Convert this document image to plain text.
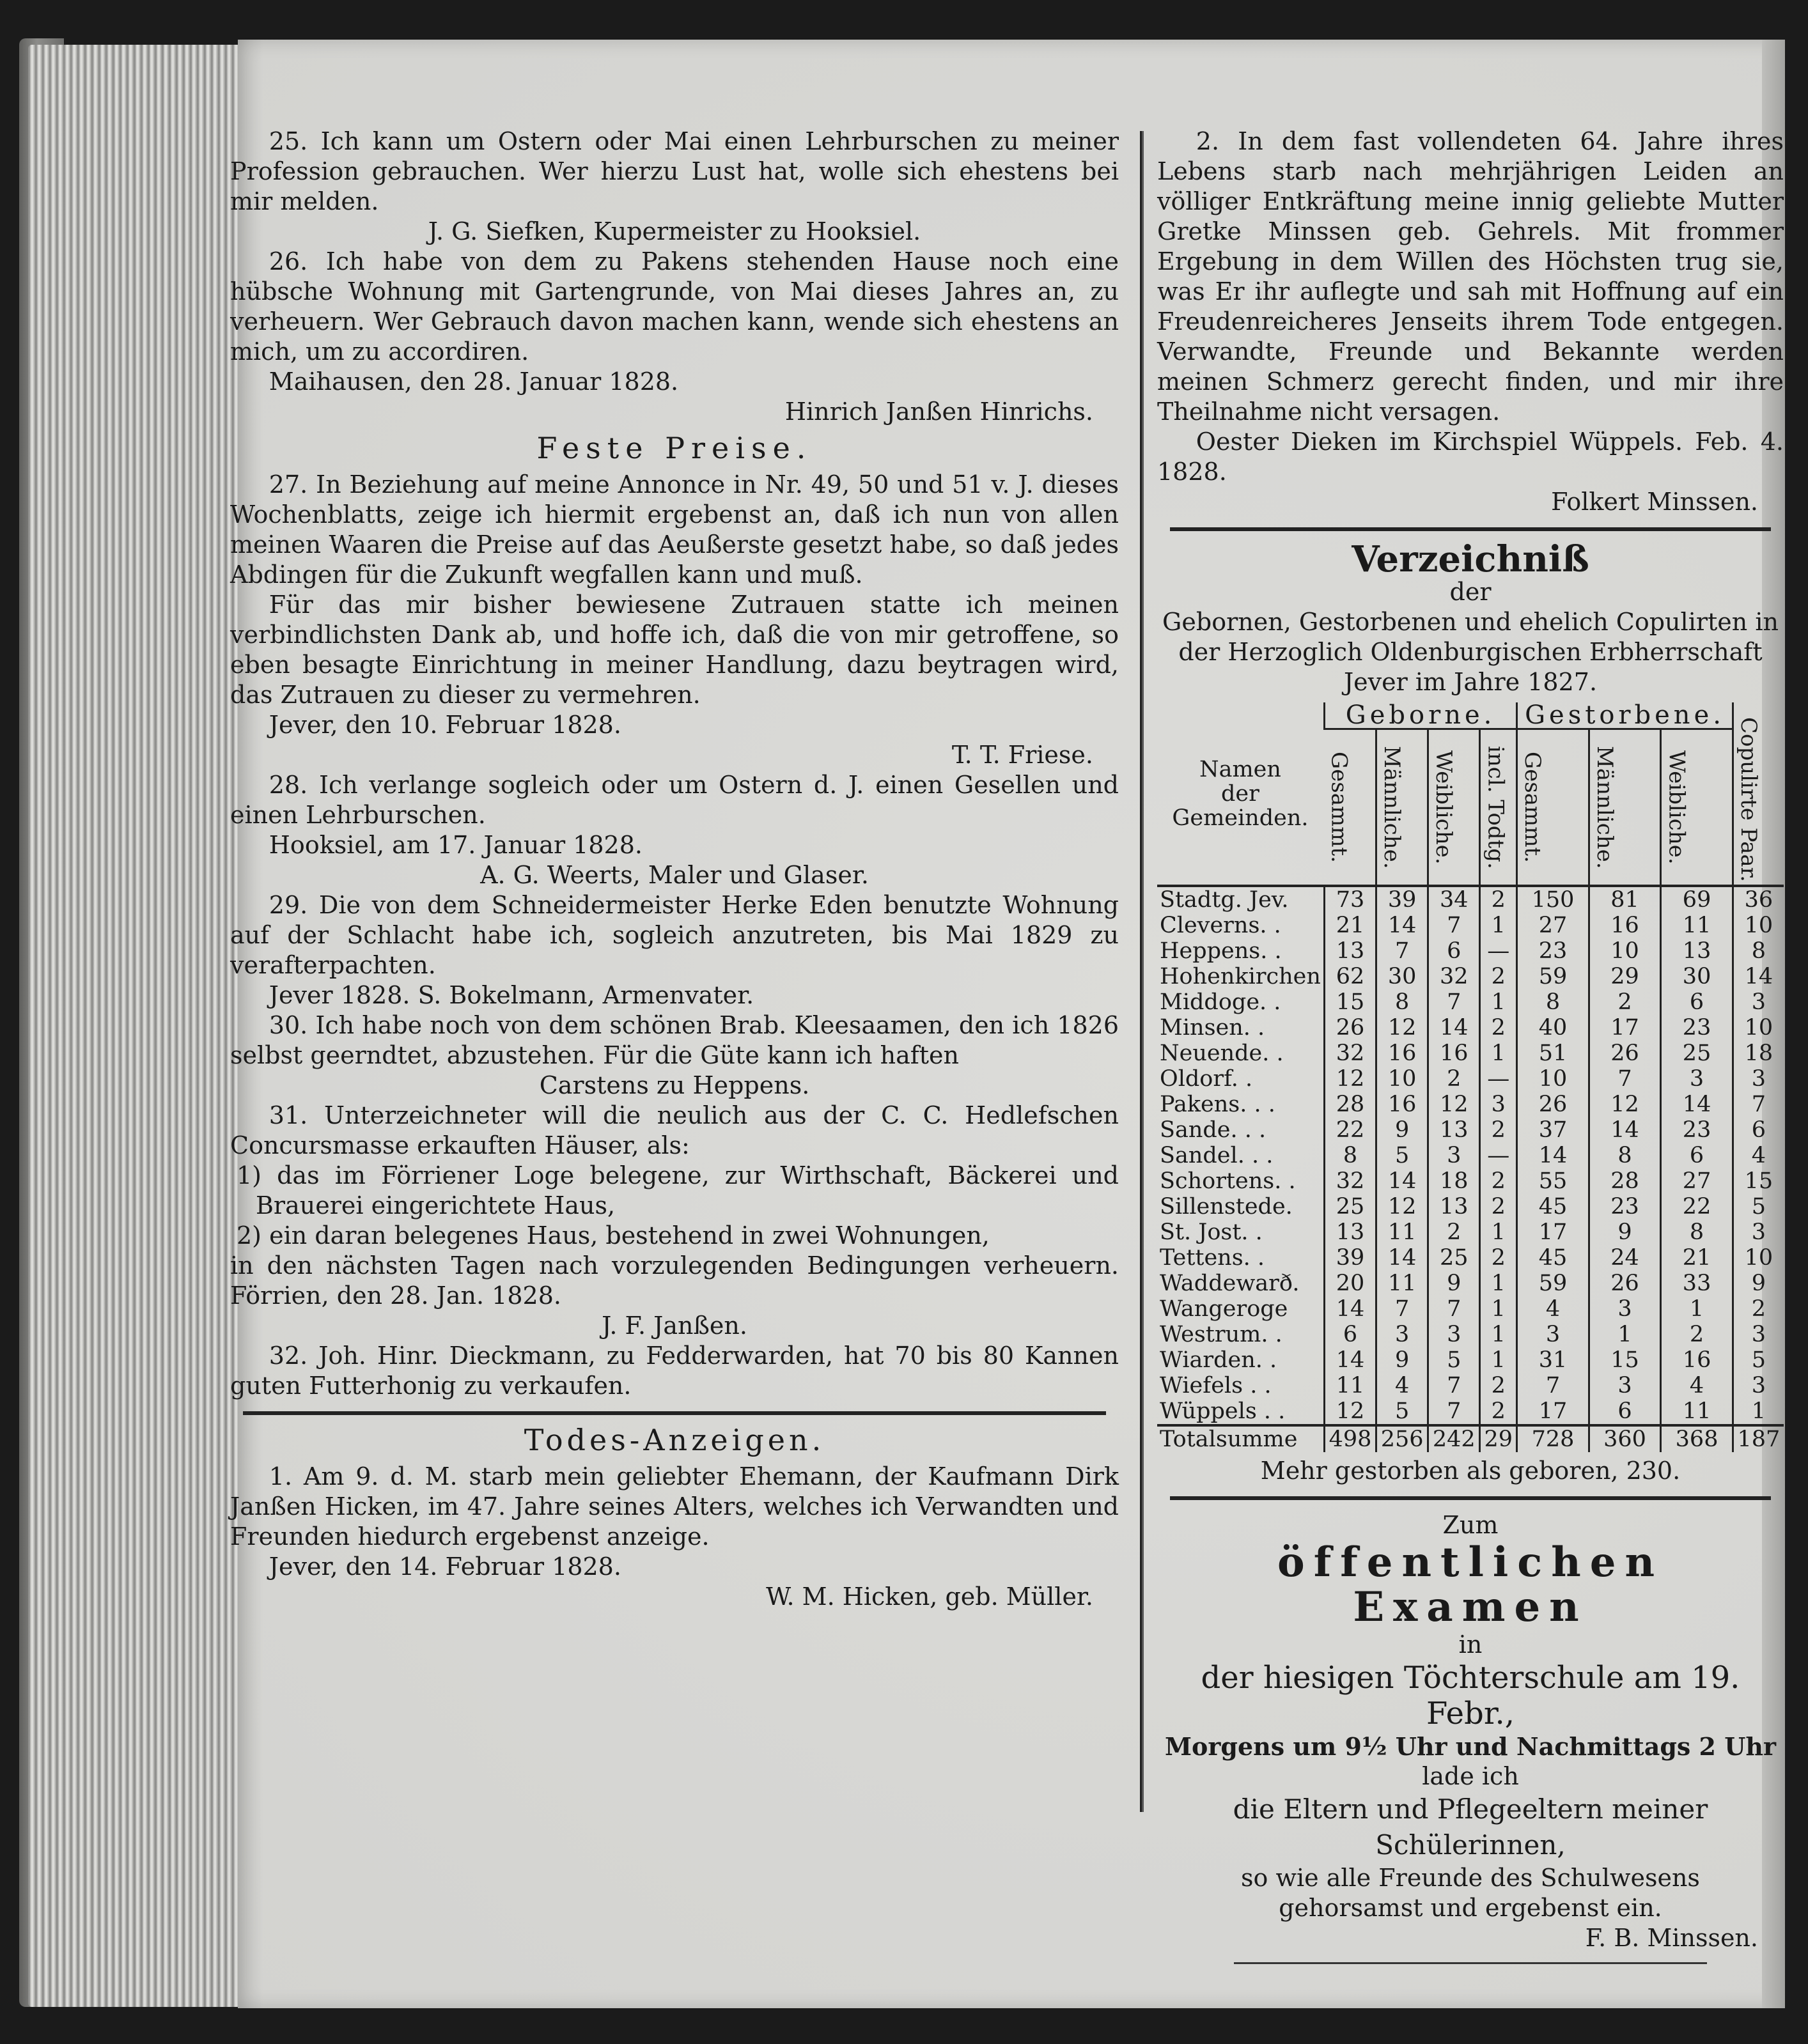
25. Ich kann um Ostern oder Mai einen Lehrburschen zu meiner Profession gebrauchen. Wer hierzu Lust hat, wolle sich ehestens bei mir melden.

J. G. Siefken, Kupermeister zu Hooksiel.

26. Ich habe von dem zu Pakens stehenden Hause noch eine hübsche Wohnung mit Gartengrunde, von Mai dieses Jahres an, zu verheuern. Wer Gebrauch davon machen kann, wende sich ehestens an mich, um zu accordiren.

Maihausen, den 28. Januar 1828.

Hinrich Janßen Hinrichs.

Feste Preise.

27. In Beziehung auf meine Annonce in Nr. 49, 50 und 51 v. J. dieses Wochenblatts, zeige ich hiermit ergebenst an, daß ich nun von allen meinen Waaren die Preise auf das Aeußerste gesetzt habe, so daß jedes Abdingen für die Zukunft wegfallen kann und muß.

Für das mir bisher bewiesene Zutrauen statte ich meinen verbindlichsten Dank ab, und hoffe ich, daß die von mir getroffene, so eben besagte Einrichtung in meiner Handlung, dazu beytragen wird, das Zutrauen zu dieser zu vermehren.

Jever, den 10. Februar 1828.

T. T. Friese.

28. Ich verlange sogleich oder um Ostern d. J. einen Gesellen und einen Lehrburschen.

Hooksiel, am 17. Januar 1828.

A. G. Weerts, Maler und Glaser.

29. Die von dem Schneidermeister Herke Eden benutzte Wohnung auf der Schlacht habe ich, sogleich anzutreten, bis Mai 1829 zu verafterpachten.

Jever 1828. S. Bokelmann, Armenvater.

30. Ich habe noch von dem schönen Brab. Kleesaamen, den ich 1826 selbst geerndtet, abzustehen. Für die Güte kann ich haften

Carstens zu Heppens.

31. Unterzeichneter will die neulich aus der C. C. Hedlefschen Concursmasse erkauften Häuser, als:

1) das im Förriener Loge belegene, zur Wirthschaft, Bäckerei und Brauerei eingerichtete Haus,

2) ein daran belegenes Haus, bestehend in zwei Wohnungen,

in den nächsten Tagen nach vorzulegenden Bedingungen verheuern. Förrien, den 28. Jan. 1828.

J. F. Janßen.

32. Joh. Hinr. Dieckmann, zu Fedderwarden, hat 70 bis 80 Kannen guten Futterhonig zu verkaufen.

Todes-Anzeigen.

1. Am 9. d. M. starb mein geliebter Ehemann, der Kaufmann Dirk Janßen Hicken, im 47. Jahre seines Alters, welches ich Verwandten und Freunden hiedurch ergebenst anzeige.

Jever, den 14. Februar 1828.

W. M. Hicken, geb. Müller.

2. In dem fast vollendeten 64. Jahre ihres Lebens starb nach mehrjährigen Leiden an völliger Entkräftung meine innig geliebte Mutter Gretke Minssen geb. Gehrels. Mit frommer Ergebung in dem Willen des Höchsten trug sie, was Er ihr auflegte und sah mit Hoffnung auf ein Freudenreicheres Jenseits ihrem Tode entgegen. Verwandte, Freunde und Bekannte werden meinen Schmerz gerecht finden, und mir ihre Theilnahme nicht versagen.

Oester Dieken im Kirchspiel Wüppels. Feb. 4. 1828.

Folkert Minssen.

Verzeichniß
der

Gebornen, Gestorbenen und ehelich Copulirten in der Herzoglich Oldenburgischen Erbherrschaft Jever im Jahre 1827.

Namen
der
Gemeinden.	Geborne.				Gestorbene.			Copulirte Paar.

	Gesammt.	Männliche.	Weibliche.	incl. Todtg.	Gesammt.	Männliche.	Weibliche.	

Stadtg. Jev.	73	39	34	2	150	81	69	36
Cleverns. .	21	14	7	1	27	16	11	10
Heppens. .	13	7	6	—	23	10	13	8
Hohenkirchen	62	30	32	2	59	29	30	14
Middoge. .	15	8	7	1	8	2	6	3
Minsen. .	26	12	14	2	40	17	23	10
Neuende. .	32	16	16	1	51	26	25	18
Oldorf. .	12	10	2	—	10	7	3	3
Pakens. . .	28	16	12	3	26	12	14	7
Sande. . .	22	9	13	2	37	14	23	6
Sandel. . .	8	5	3	—	14	8	6	4
Schortens. .	32	14	18	2	55	28	27	15
Sillenstede.	25	12	13	2	45	23	22	5
St. Jost. .	13	11	2	1	17	9	8	3
Tettens. .	39	14	25	2	45	24	21	10
Waddewarð.	20	11	9	1	59	26	33	9
Wangeroge	14	7	7	1	4	3	1	2
Westrum. .	6	3	3	1	3	1	2	3
Wiarden. .	14	9	5	1	31	15	16	5
Wiefels . .	11	4	7	2	7	3	4	3
Wüppels . .	12	5	7	2	17	6	11	1
Totalsumme	498	256	242	29	728	360	368	187

Mehr gestorben als geboren, 230.

Zum
öffentlichen Examen
in
der hiesigen Töchterschule am 19. Febr.,
Morgens um 9½ Uhr und Nachmittags 2 Uhr
lade ich
die Eltern und Pflegeeltern meiner Schülerinnen,
so wie alle Freunde des Schulwesens
gehorsamst und ergebenst ein.
F. B. Minssen.
